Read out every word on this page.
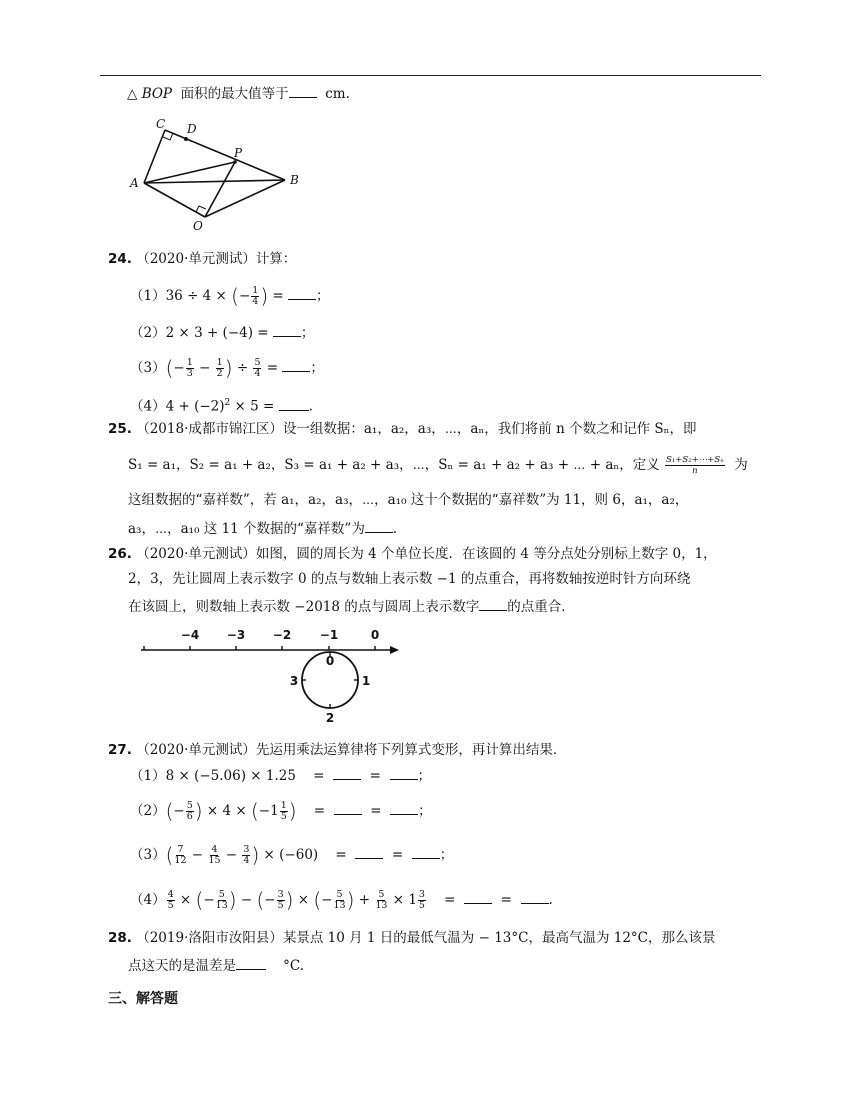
△ BOP 面积的最大值等于	cm.
C D
P
A	B
O
24. （2020·单元测试）计算：
（1）36 ÷ 4 × (− $\frac{1}{4}$ ) = ；
（2）2 × 3 + (−4) = ；
$(3)(- \frac{1}{3} - \frac{1}{2}$ ) ÷ $\frac{5}{4}$ = ；
$(4)4 + (-2)^2 \times 5$ = .
25. （2018·成都市锦江区）设一组数据：a₁，a₂，a₃，⋯，aₙ，我们将前 n 个数之和记作 Sₙ，即
S₁ = a₁，S₂ = a₁ + a₂，S₃ = a₁ + a₂ + a₃，⋯，Sₙ = a₁ + a₂ + a₃ + ⋯ + aₙ，定义 $\frac{\text{S₁+S₂+⋯+Sₙ}}{n}$ 为
这组数据的“嘉祥数”，若 a₁，a₂，a₃，⋯，a₁₀ 这十个数据的“嘉祥数”为 11，则 6，a₁，a₂，
a₃，⋯，a₁₀ 这 11 个数据的“嘉祥数”为 .
26. （2020·单元测试）如图，圆的周长为 4 个单位长度．在该圆的 4 等分点处分别标上数字 0，1，
2，3，先让圆周上表示数字 0 的点与数轴上表示数 −1 的点重合，再将数轴按逆时针方向环绕
在该圆上，则数轴上表示数 −2018 的点与圆周上表示数字 的点重合．
−4 −3 −2 −1	0
0
1
2
3
27. （2020·单元测试）先运用乘法运算律将下列算式变形，再计算出结果．
（1）8 × (−5.06) × 1.25 =	=	；
$(2)(- \frac{5}{6}$ ) × $4 \times (-1 \frac{1}{5}$ ) =	=	；
$(3)( \frac{7}{12} - \frac{4}{15} - \frac{3}{4}$ ) × (−60) =	=	；
$(4) \frac{4}{5}$ × (− $\frac{5}{13}$ ) − (− $\frac{3}{5}$ ) × (− $\frac{5}{13}$ ) + $\frac{5}{13} \times 1 \frac{3}{5}$ =	=	.
28. （2019·洛阳市汝阳县）某景点 10 月 1 日的最低气温为 − 13°C，最高气温为 12°C，那么该景
点这天的是温差是	°C.
三、解答题
